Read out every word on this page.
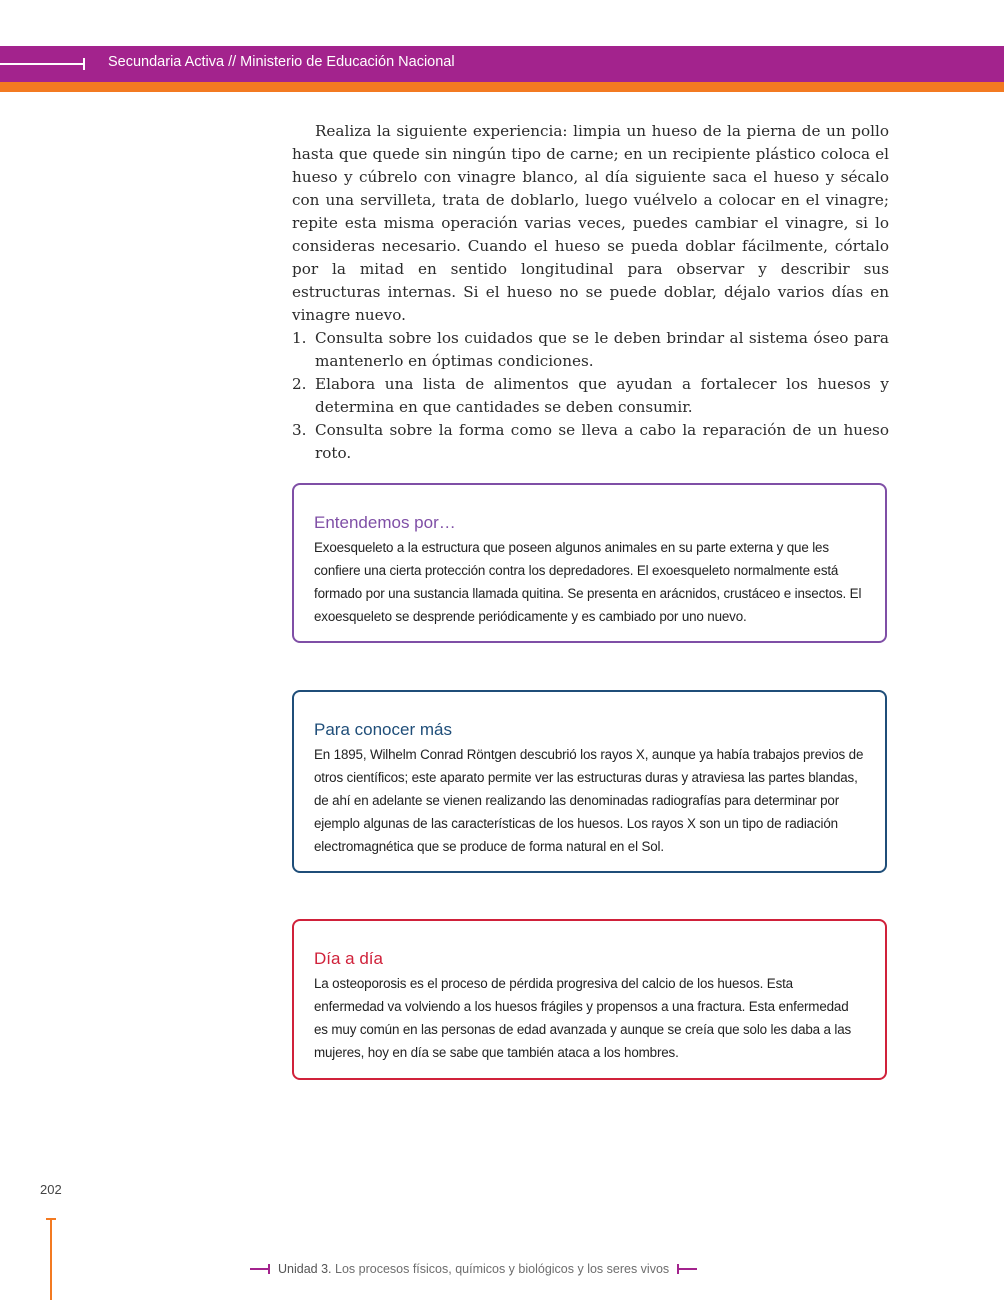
Secundaria Activa // Ministerio de Educación Nacional

Realiza la siguiente experiencia: limpia un hueso de la pierna de un pollo hasta que quede sin ningún tipo de carne; en un recipiente plástico coloca el hueso y cúbrelo con vinagre blanco, al día siguiente saca el hueso y sécalo con una servilleta, trata de doblarlo, luego vuélvelo a colocar en el vinagre; repite esta misma operación varias veces, puedes cambiar el vinagre, si lo consideras necesario. Cuando el hueso se pueda doblar fácilmente, córtalo por la mitad en sentido longitudinal para observar y describir sus estructuras internas. Si el hueso no se puede doblar, déjalo varios días en vinagre nuevo.

1. Consulta sobre los cuidados que se le deben brindar al sistema óseo para mantenerlo en óptimas condiciones.
2. Elabora una lista de alimentos que ayudan a fortalecer los huesos y determina en que cantidades se deben consumir.
3. Consulta sobre la forma como se lleva a cabo la reparación de un hueso roto.
Entendemos por…

Exoesqueleto a la estructura que poseen algunos animales en su parte externa y que les confiere una cierta protección contra los depredadores. El exoesqueleto normalmente está formado por una sustancia llamada quitina. Se presenta en arácnidos, crustáceo e insectos. El exoesqueleto se desprende periódicamente y es cambiado por uno nuevo.

Para conocer más

En 1895, Wilhelm Conrad Röntgen descubrió los rayos X, aunque ya había trabajos previos de otros científicos; este aparato permite ver las estructuras duras y atraviesa las partes blandas, de ahí en adelante se vienen realizando las denominadas radiografías para determinar por ejemplo algunas de las características de los huesos. Los rayos X son un tipo de radiación electromagnética que se produce de forma natural en el Sol.

Día a día

La osteoporosis es el proceso de pérdida progresiva del calcio de los huesos. Esta enfermedad va volviendo a los huesos frágiles y propensos a una fractura. Esta enfermedad es muy común en las personas de edad avanzada y aunque se creía que solo les daba a las mujeres, hoy en día se sabe que también ataca a los hombres.

202
Unidad 3. Los procesos físicos, químicos y biológicos y los seres vivos
